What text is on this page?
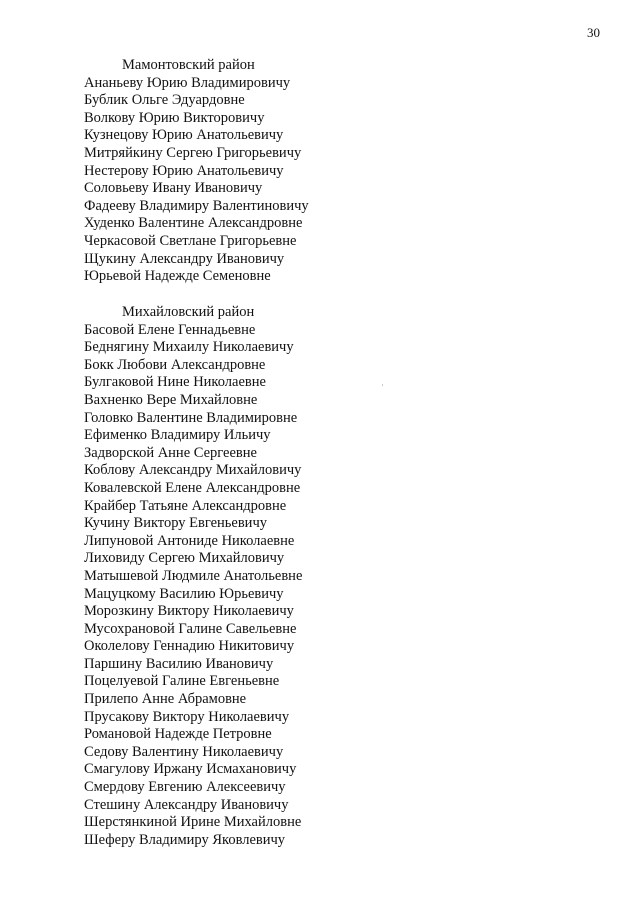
30
Мамонтовский район
Ананьеву Юрию Владимировичу
Бублик Ольге Эдуардовне
Волкову Юрию Викторовичу
Кузнецову Юрию Анатольевичу
Митряйкину Сергею Григорьевичу
Нестерову Юрию Анатольевичу
Соловьеву Ивану Ивановичу
Фадееву Владимиру Валентиновичу
Худенко Валентине Александровне
Черкасовой Светлане Григорьевне
Щукину Александру Ивановичу
Юрьевой Надежде Семеновне
Михайловский район
Басовой Елене Геннадьевне
Беднягину Михаилу Николаевичу
Бокк Любови Александровне
Булгаковой Нине Николаевне
Вахненко Вере Михайловне
Головко Валентине Владимировне
Ефименко Владимиру Ильичу
Задворской Анне Сергеевне
Коблову Александру Михайловичу
Ковалевской Елене Александровне
Крайбер Татьяне Александровне
Кучину Виктору Евгеньевичу
Липуновой Антониде Николаевне
Лиховиду Сергею Михайловичу
Матышевой Людмиле Анатольевне
Мацуцкому Василию Юрьевичу
Морозкину Виктору Николаевичу
Мусохрановой Галине Савельевне
Околелову Геннадию Никитовичу
Паршину Василию Ивановичу
Поцелуевой Галине Евгеньевне
Прилепо Анне Абрамовне
Прусакову Виктору Николаевичу
Романовой Надежде Петровне
Седову Валентину Николаевичу
Смагулову Иржану Исмахановичу
Смердову Евгению Алексеевичу
Стешину Александру Ивановичу
Шерстянкиной Ирине Михайловне
Шеферу Владимиру Яковлевичу
